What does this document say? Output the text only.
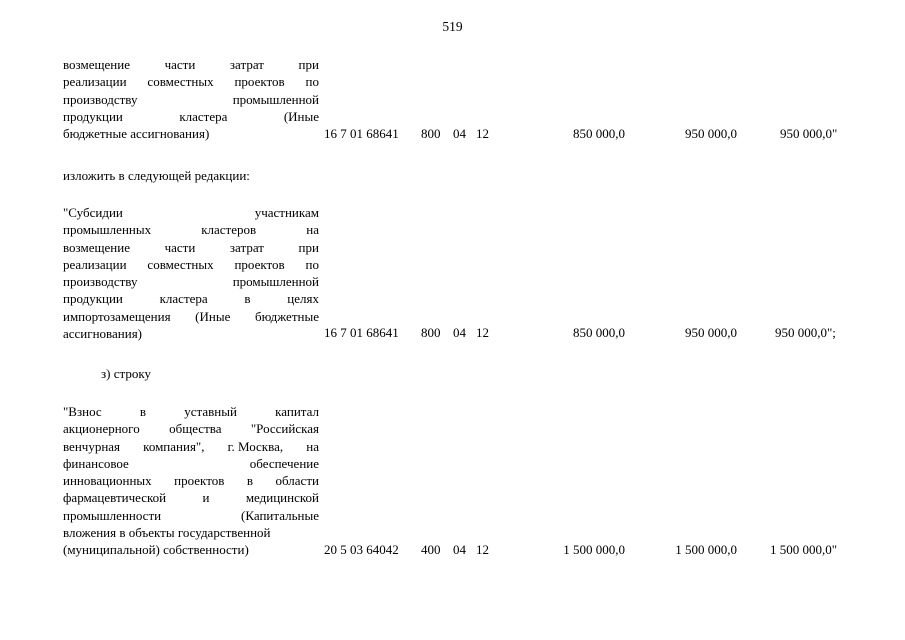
519
возмещение	части	затрат	при
реализации совместных проектов по
производству	промышленной
продукции	кластера	(Иные
бюджетные ассигнования)	16 7 01 68641 800 04 12	850 000,0	950 000,0	950 000,0"
изложить в следующей редакции:
"Субсидии	участникам
промышленных	кластеров	на
возмещение	части	затрат	при
реализации совместных проектов по
производству	промышленной
продукции	кластера	в	целях
импортозамещения (Иные бюджетные
ассигнования)	16 7 01 68641 800 04 12	850 000,0	950 000,0	950 000,0";
з) строку
"Взнос	в	уставный	капитал
акционерного общества "Российская
венчурная компания", г. Москва, на
финансовое	обеспечение
инновационных проектов в области
фармацевтической	и	медицинской
промышленности	(Капитальные
вложения в объекты государственной
(муниципальной) собственности)	20 5 03 64042 400 04 12	1 500 000,0	1 500 000,0	1 500 000,0"
